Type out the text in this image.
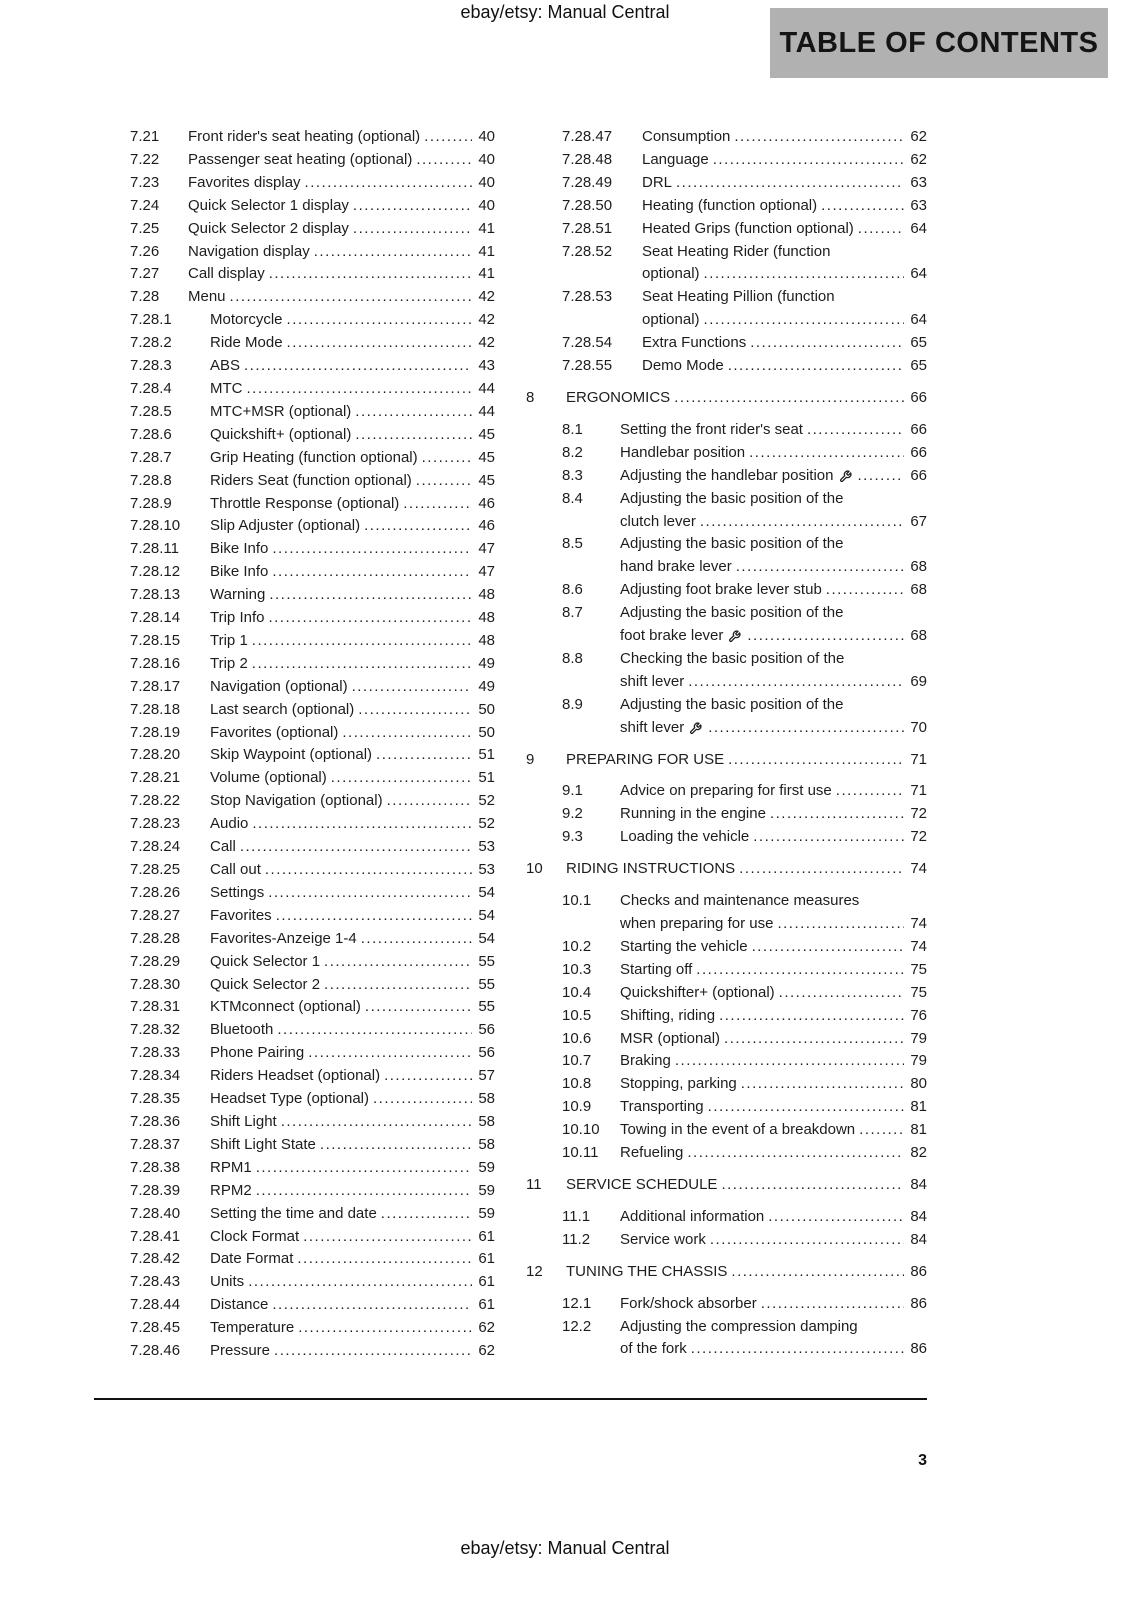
ebay/etsy: Manual Central
TABLE OF CONTENTS
7.21	Front rider's seat heating (optional) .....	40
7.22	Passenger seat heating (optional) .....	40
7.23	Favorites display .....	40
7.24	Quick Selector 1 display .....	40
7.25	Quick Selector 2 display .....	41
7.26	Navigation display .....	41
7.27	Call display .....	41
7.28	Menu .....	42
7.28.1	Motorcycle .....	42
7.28.2	Ride Mode .....	42
7.28.3	ABS .....	43
7.28.4	MTC .....	44
7.28.5	MTC+MSR (optional) .....	44
7.28.6	Quickshift+ (optional) .....	45
7.28.7	Grip Heating (function optional) .....	45
7.28.8	Riders Seat (function optional) .....	45
7.28.9	Throttle Response (optional) .....	46
7.28.10	Slip Adjuster (optional) .....	46
7.28.11	Bike Info .....	47
7.28.12	Bike Info .....	47
7.28.13	Warning .....	48
7.28.14	Trip Info .....	48
7.28.15	Trip 1 .....	48
7.28.16	Trip 2 .....	49
7.28.17	Navigation (optional) .....	49
7.28.18	Last search (optional) .....	50
7.28.19	Favorites (optional) .....	50
7.28.20	Skip Waypoint (optional) .....	51
7.28.21	Volume (optional) .....	51
7.28.22	Stop Navigation (optional) .....	52
7.28.23	Audio .....	52
7.28.24	Call .....	53
7.28.25	Call out .....	53
7.28.26	Settings .....	54
7.28.27	Favorites .....	54
7.28.28	Favorites-Anzeige 1-4 .....	54
7.28.29	Quick Selector 1 .....	55
7.28.30	Quick Selector 2 .....	55
7.28.31	KTMconnect (optional) .....	55
7.28.32	Bluetooth .....	56
7.28.33	Phone Pairing .....	56
7.28.34	Riders Headset (optional) .....	57
7.28.35	Headset Type (optional) .....	58
7.28.36	Shift Light .....	58
7.28.37	Shift Light State .....	58
7.28.38	RPM1 .....	59
7.28.39	RPM2 .....	59
7.28.40	Setting the time and date .....	59
7.28.41	Clock Format .....	61
7.28.42	Date Format .....	61
7.28.43	Units .....	61
7.28.44	Distance .....	61
7.28.45	Temperature .....	62
7.28.46	Pressure .....	62
7.28.47	Consumption .....	62
7.28.48	Language .....	62
7.28.49	DRL .....	63
7.28.50	Heating (function optional) .....	63
7.28.51	Heated Grips (function optional) .....	64
7.28.52	Seat Heating Rider (function
optional) .....	64
7.28.53	Seat Heating Pillion (function
optional) .....	64
7.28.54	Extra Functions .....	65
7.28.55	Demo Mode .....	65
8	ERGONOMICS .....	66
8.1	Setting the front rider's seat .....	66
8.2	Handlebar position .....	66
8.3	Adjusting the handlebar position .....	66
8.4	Adjusting the basic position of the
clutch lever .....	67
8.5	Adjusting the basic position of the
hand brake lever .....	68
8.6	Adjusting foot brake lever stub .....	68
8.7	Adjusting the basic position of the
foot brake lever .....	68
8.8	Checking the basic position of the
shift lever .....	69
8.9	Adjusting the basic position of the
shift lever .....	70
9	PREPARING FOR USE .....	71
9.1	Advice on preparing for first use .....	71
9.2	Running in the engine .....	72
9.3	Loading the vehicle .....	72
10	RIDING INSTRUCTIONS .....	74
10.1	Checks and maintenance measures
when preparing for use .....	74
10.2	Starting the vehicle .....	74
10.3	Starting off .....	75
10.4	Quickshifter+ (optional) .....	75
10.5	Shifting, riding .....	76
10.6	MSR (optional) .....	79
10.7	Braking .....	79
10.8	Stopping, parking .....	80
10.9	Transporting .....	81
10.10	Towing in the event of a breakdown .....	81
10.11	Refueling .....	82
11	SERVICE SCHEDULE .....	84
11.1	Additional information .....	84
11.2	Service work .....	84
12	TUNING THE CHASSIS .....	86
12.1	Fork/shock absorber .....	86
12.2	Adjusting the compression damping
of the fork .....	86
3
ebay/etsy: Manual Central
